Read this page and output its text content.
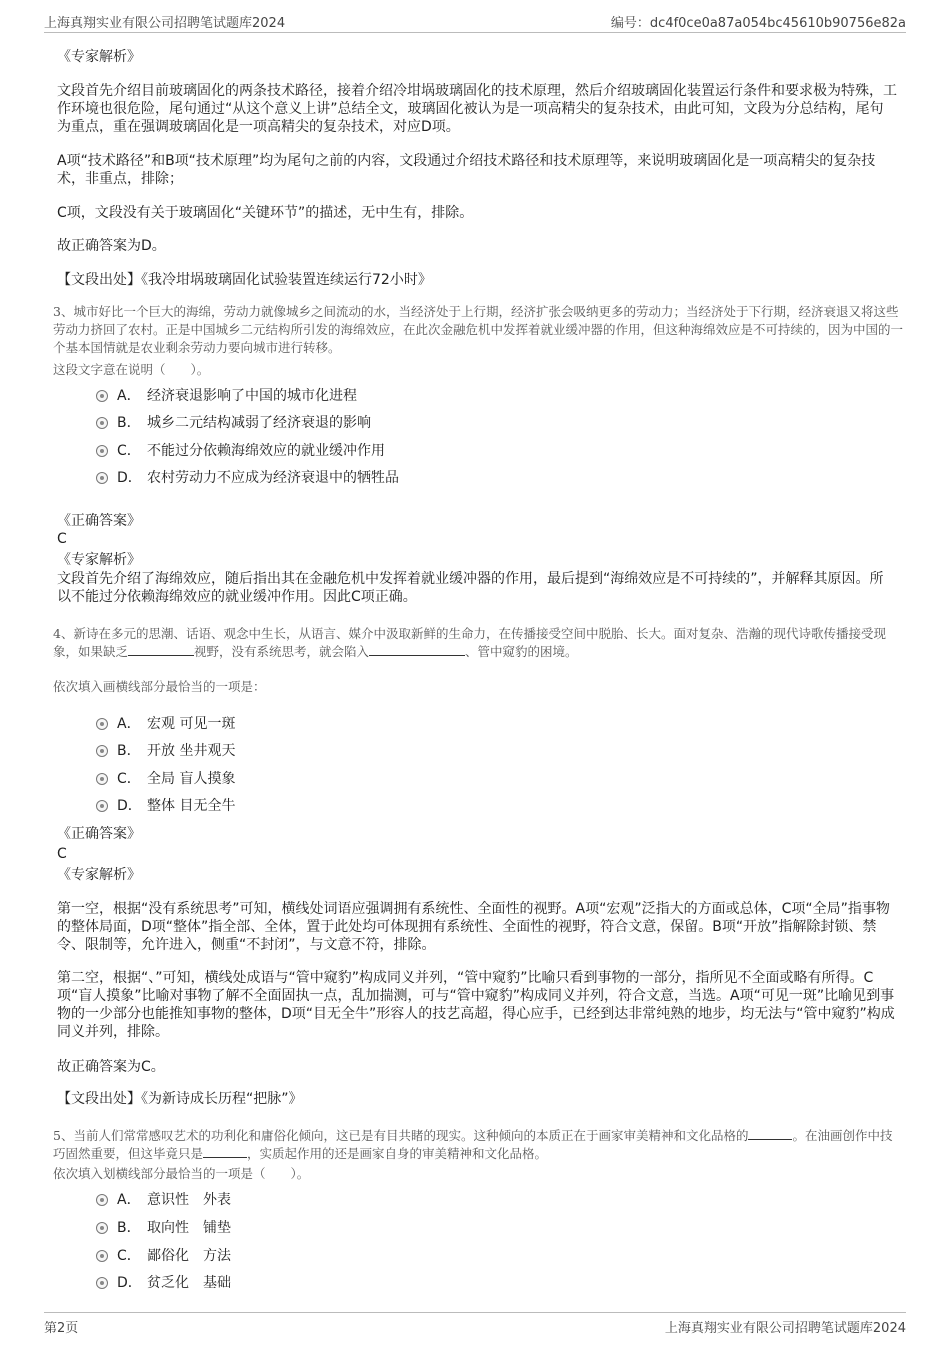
上海真翔实业有限公司招聘笔试题库2024	编号：dc4f0ce0a87a054bc45610b90756e82a
《专家解析》
文段首先介绍目前玻璃固化的两条技术路径，接着介绍冷坩埚玻璃固化的技术原理，然后介绍玻璃固化装置运行条件和要求极为特殊，工作环境也很危险，尾句通过“从这个意义上讲”总结全文，玻璃固化被认为是一项高精尖的复杂技术，由此可知，文段为分总结构，尾句为重点，重在强调玻璃固化是一项高精尖的复杂技术，对应D项。
A项“技术路径”和B项“技术原理”均为尾句之前的内容，文段通过介绍技术路径和技术原理等，来说明玻璃固化是一项高精尖的复杂技术，非重点，排除；
C项，文段没有关于玻璃固化“关键环节”的描述，无中生有，排除。
故正确答案为D。
【文段出处】《我冷坩埚玻璃固化试验装置连续运行72小时》
3、城市好比一个巨大的海绵，劳动力就像城乡之间流动的水，当经济处于上行期，经济扩张会吸纳更多的劳动力；当经济处于下行期，经济衰退又将这些劳动力挤回了农村。正是中国城乡二元结构所引发的海绵效应，在此次金融危机中发挥着就业缓冲器的作用，但这种海绵效应是不可持续的，因为中国的一个基本国情就是农业剩余劳动力要向城市进行转移。
这段文字意在说明（　　）。
A． 经济衰退影响了中国的城市化进程
B． 城乡二元结构减弱了经济衰退的影响
C． 不能过分依赖海绵效应的就业缓冲作用
D． 农村劳动力不应成为经济衰退中的牺牲品
《正确答案》
C
《专家解析》
文段首先介绍了海绵效应，随后指出其在金融危机中发挥着就业缓冲器的作用，最后提到“海绵效应是不可持续的”，并解释其原因。所以不能过分依赖海绵效应的就业缓冲作用。因此C项正确。
4、新诗在多元的思潮、话语、观念中生长，从语言、媒介中汲取新鲜的生命力，在传播接受空间中脱胎、长大。面对复杂、浩瀚的现代诗歌传播接受现象，如果缺乏	视野，没有系统思考，就会陷入	、管中窥豹的困境。
依次填入画横线部分最恰当的一项是：
A． 宏观 可见一斑
B． 开放 坐井观天
C． 全局 盲人摸象
D． 整体 目无全牛
《正确答案》
C
《专家解析》
第一空，根据“没有系统思考”可知，横线处词语应强调拥有系统性、全面性的视野。A项“宏观”泛指大的方面或总体，C项“全局”指事物的整体局面，D项“整体”指全部、全体，置于此处均可体现拥有系统性、全面性的视野，符合文意，保留。B项“开放”指解除封锁、禁令、限制等，允许进入，侧重“不封闭”，与文意不符，排除。
第二空，根据“、”可知，横线处成语与“管中窥豹”构成同义并列，“管中窥豹”比喻只看到事物的一部分，指所见不全面或略有所得。C项“盲人摸象”比喻对事物了解不全面固执一点，乱加揣测，可与“管中窥豹”构成同义并列，符合文意，当选。A项“可见一斑”比喻见到事物的一少部分也能推知事物的整体，D项“目无全牛”形容人的技艺高超，得心应手，已经到达非常纯熟的地步，均无法与“管中窥豹”构成同义并列，排除。
故正确答案为C。
【文段出处】《为新诗成长历程“把脉”》
5、当前人们常常感叹艺术的功利化和庸俗化倾向，这已是有目共睹的现实。这种倾向的本质正在于画家审美精神和文化品格的	。在油画创作中技巧固然重要，但这毕竟只是	，实质起作用的还是画家自身的审美精神和文化品格。
依次填入划横线部分最恰当的一项是（　　）。
A． 意识性　外表
B． 取向性　铺垫
C． 鄙俗化　方法
D． 贫乏化　基础
第2页	上海真翔实业有限公司招聘笔试题库2024
